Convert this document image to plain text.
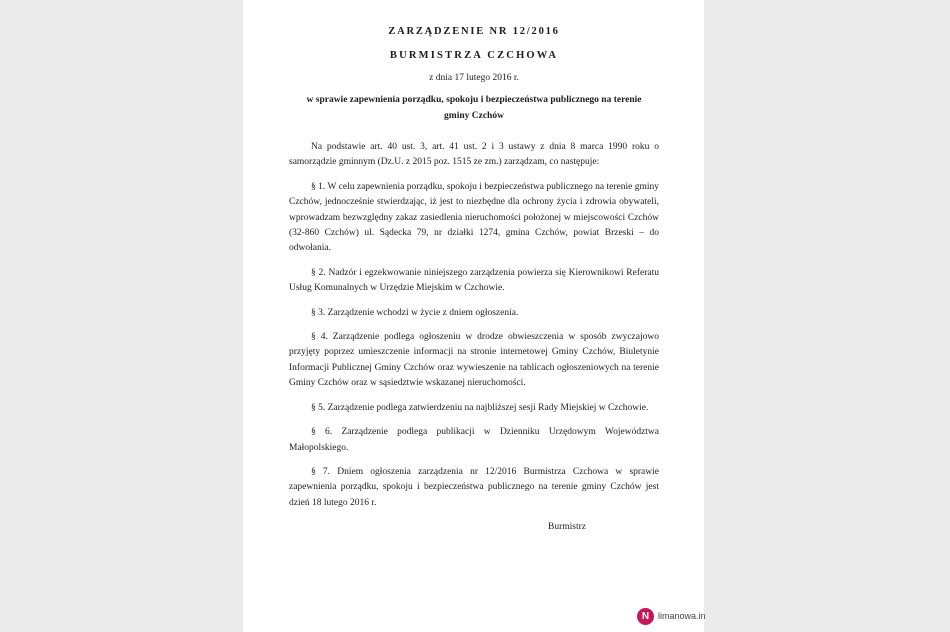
ZARZĄDZENIE NR 12/2016
BURMISTRZA CZCHOWA
z dnia 17 lutego 2016 r.
w sprawie zapewnienia porządku, spokoju i bezpieczeństwa publicznego na terenie gminy Czchów
Na podstawie art. 40 ust. 3, art. 41 ust. 2 i 3 ustawy z dnia 8 marca 1990 roku o samorządzie gminnym (Dz.U. z 2015 poz. 1515 ze zm.) zarządzam, co następuje:
§ 1. W celu zapewnienia porządku, spokoju i bezpieczeństwa publicznego na terenie gminy Czchów, jednocześnie stwierdzając, iż jest to niezbędne dla ochrony życia i zdrowia obywateli, wprowadzam bezwzględny zakaz zasiedlenia nieruchomości położonej w miejscowości Czchów (32-860 Czchów) ul. Sądecka 79, nr działki 1274, gmina Czchów, powiat Brzeski – do odwołania.
§ 2. Nadzór i egzekwowanie niniejszego zarządzenia powierza się Kierownikowi Referatu Usług Komunalnych w Urzędzie Miejskim w Czchowie.
§ 3. Zarządzenie wchodzi w życie z dniem ogłoszenia.
§ 4. Zarządzenie podlega ogłoszeniu w drodze obwieszczenia w sposób zwyczajowo przyjęty poprzez umieszczenie informacji na stronie internetowej Gminy Czchów, Biuletynie Informacji Publicznej Gminy Czchów oraz wywieszenie na tablicach ogłoszeniowych na terenie Gminy Czchów oraz w sąsiedztwie wskazanej nieruchomości.
§ 5. Zarządzenie podlega zatwierdzeniu na najbliższej sesji Rady Miejskiej w Czchowie.
§ 6. Zarządzenie podlega publikacji w Dzienniku Urzędowym Województwa Małopolskiego.
§ 7. Dniem ogłoszenia zarządzenia nr 12/2016 Burmistrza Czchowa w sprawie zapewnienia porządku, spokoju i bezpieczeństwa publicznego na terenie gminy Czchów jest dzień 18 lutego 2016 r.
Burmistrz
N limanowa.in
